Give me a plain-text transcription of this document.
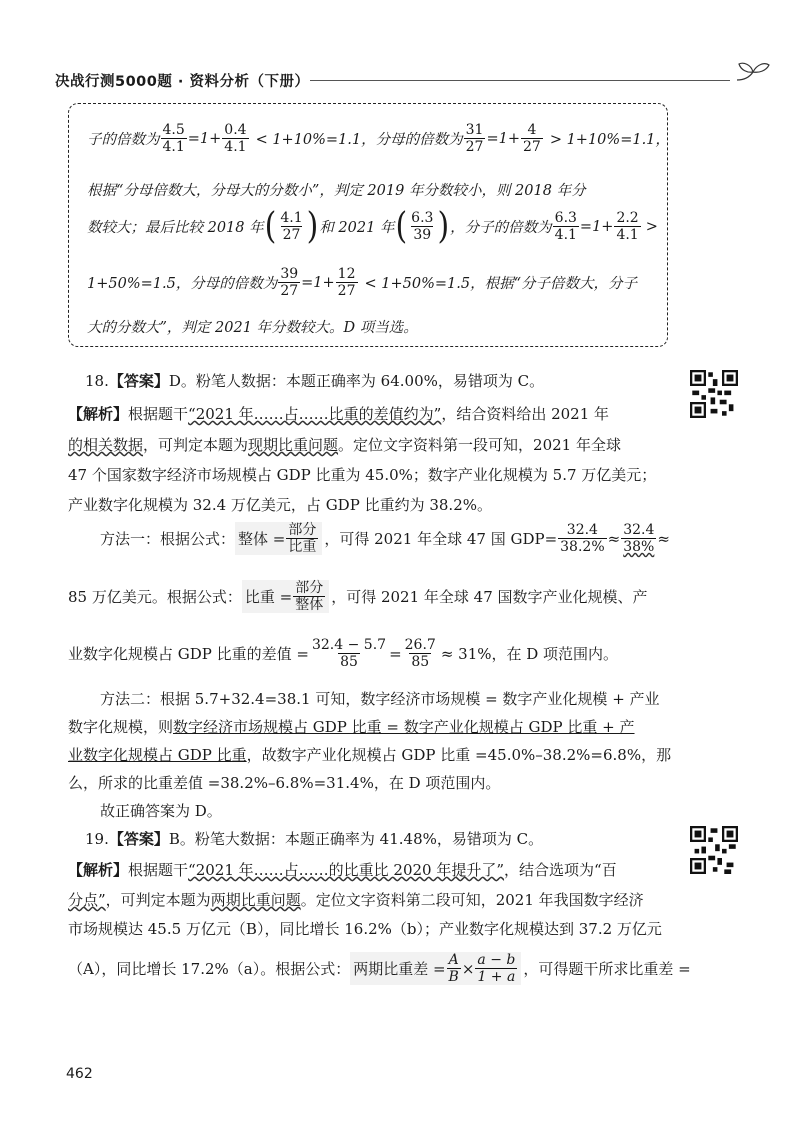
决战行测5000题 · 资料分析（下册）
子的倍数为 $\frac{4.5}{4.1} =1+ \frac{0.4}{4.1} < 1+10\%=1.1$，分母的倍数为 $\frac{31}{27} =1+ \frac{4}{27} > 1+10\%=1.1$，
根据“分母倍数大，分母大的分数小”，判定 2019 年分数较小，则 2018 年分
数较大；最后比较 2018 年 ( $\frac{4.1}{27}$ ) 和 2021 年 ( $\frac{6.3}{39}$ ) ，分子的倍数为 $\frac{6.3}{4.1} =1+ \frac{2.2}{4.1}$ >
1+50%=1.5，分母的倍数为 $\frac{39}{27} =1+ \frac{12}{27} < 1+50\%=1.5$，根据“分子倍数大，分子
大的分数大”，判定 2021 年分数较大。D 项当选。
18. 【答案】 D。粉笔人数据：本题正确率为 64.00%，易错项为 C。
【解析】 根据题干 “2021 年……占……比重的差值约为” ，结合资料给出 2021 年
的相关数据 ，可判定本题为 现期比重问题 。定位文字资料第一段可知，2021 年全球
47 个国家数字经济市场规模占 GDP 比重为 45.0%；数字产业化规模为 5.7 万亿美元；
产业数字化规模为 32.4 万亿美元，占 GDP 比重约为 38.2%。
方法一：根据公式： 整体 = $\frac{\text{部分}}{\text{比重}}$ ，可得 2021 年全球 47 国 $GDP= \frac{32.4}{38.2\%} \approx \frac{32.4}{38\%}$ ≈
85 万亿美元。根据公式： 比重 = $\frac{\text{部分}}{\text{整体}}$ ，可得 2021 年全球 47 国数字产业化规模、产
业数字化规模占 GDP 比重的差值 = $\frac{32.4 - 5.7}{85} = \frac{26.7}{85} \approx 31\%$，在 D 项范围内。
方法二：根据 5.7+32.4=38.1 可知，数字经济市场规模 = 数字产业化规模 + 产业
数字化规模，则 数字经济市场规模占 GDP 比重 = 数字产业化规模占 GDP 比重 + 产
业数字化规模占 GDP 比重 ，故数字产业化规模占 GDP 比重 =45.0%–38.2%=6.8%，那
么，所求的比重差值 =38.2%–6.8%=31.4%，在 D 项范围内。
故正确答案为 D。
19. 【答案】 B。粉笔大数据：本题正确率为 41.48%，易错项为 C。
【解析】 根据题干 “2021 年……占……的比重比 2020 年提升了” ，结合选项为“百
分点” ，可判定本题为 两期比重问题 。定位文字资料第二段可知，2021 年我国数字经济
市场规模达 45.5 万亿元（B），同比增长 16.2%（b）；产业数字化规模达到 37.2 万亿元
（A），同比增长 17.2%（a）。根据公式： 两期比重差 = $\frac{A}{B} \times \frac{a - b}{1 + a}$ ，可得题干所求比重差 =
462
